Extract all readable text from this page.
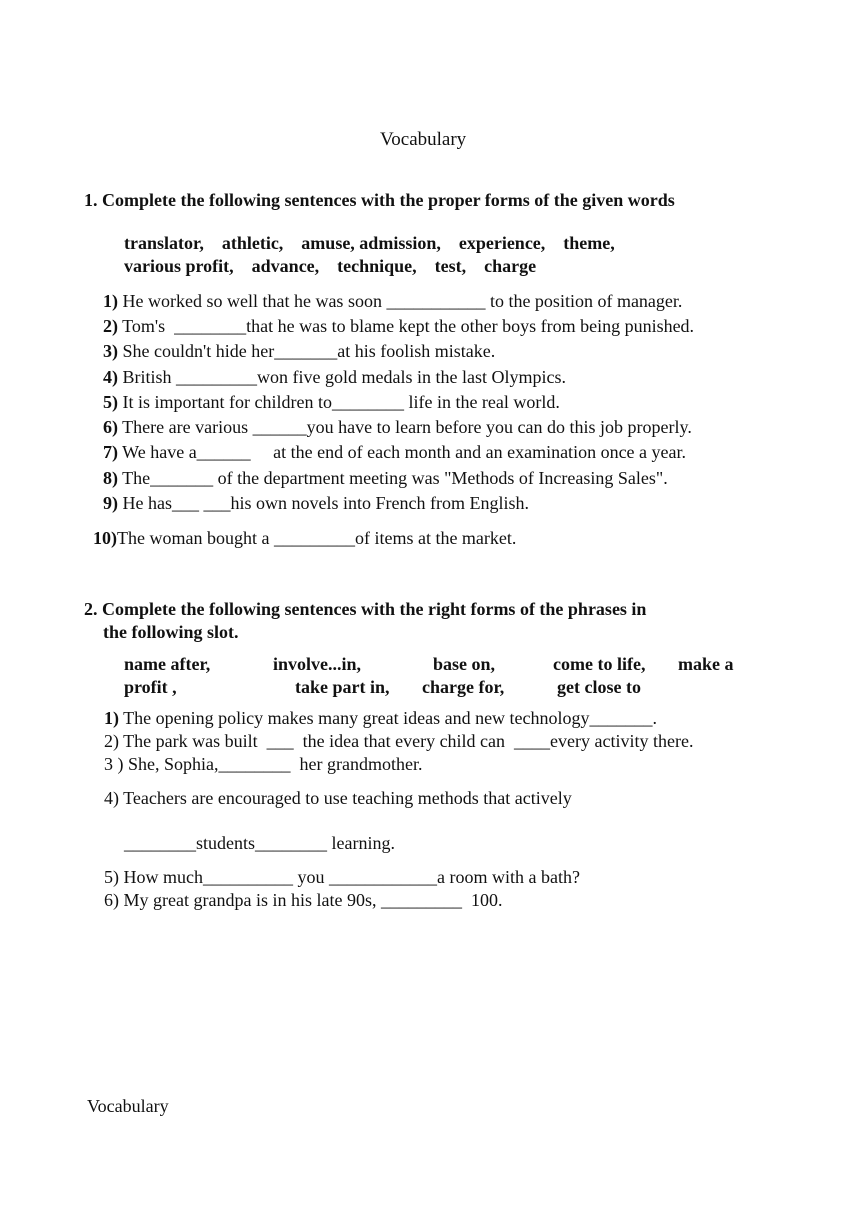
Vocabulary
1. Complete the following sentences with the proper forms of the given words
translator,    athletic,    amuse, admission,    experience,    theme,
various profit,    advance,    technique,    test,    charge
1) He worked so well that he was soon ___________ to the position of manager.
2) Tom's  ________that he was to blame kept the other boys from being punished.
3) She couldn't hide her_______at his foolish mistake.
4) British _________won five gold medals in the last Olympics.
5) It is important for children to________ life in the real world.
6) There are various ______you have to learn before you can do this job properly.
7) We have a______     at the end of each month and an examination once a year.
8) The_______ of the department meeting was "Methods of Increasing Sales".
9) He has___ ___his own novels into French from English.
10)The woman bought a _________of items at the market.
2. Complete the following sentences with the right forms of the phrases in
the following slot.
name after,	involve...in,	base on,	come to life, make a
profit ,	take part in, charge for,	get close to
1) The opening policy makes many great ideas and new technology_______.
2) The park was built  ___  the idea that every child can  ____every activity there.
3 ) She, Sophia,________  her grandmother.
4) Teachers are encouraged to use teaching methods that actively
________students________ learning.
5) How much__________ you ____________a room with a bath?
6) My great grandpa is in his late 90s, _________  100.
Vocabulary
